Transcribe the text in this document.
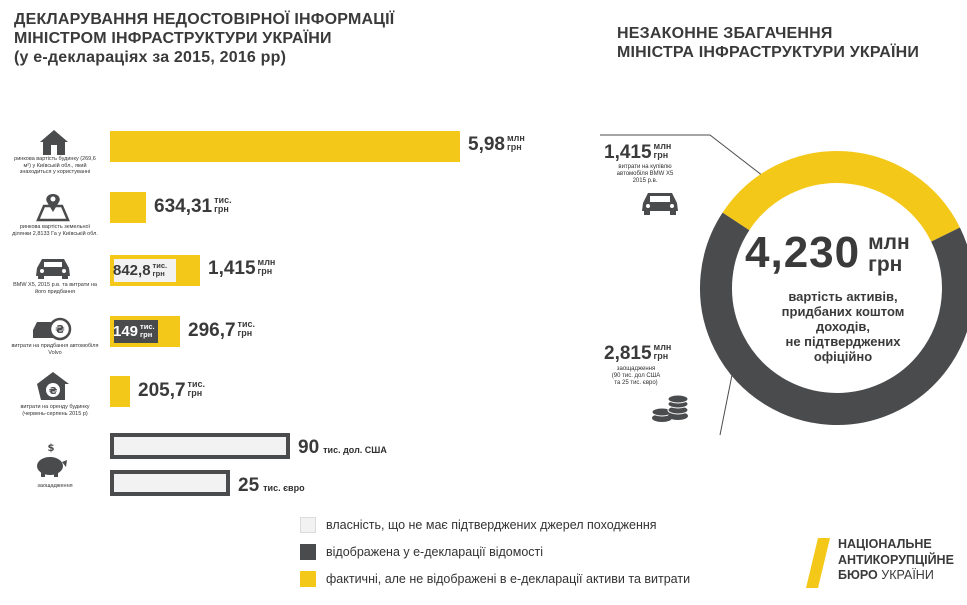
ДЕКЛАРУВАННЯ НЕДОСТОВІРНОЇ ІНФОРМАЦІЇ
МІНІСТРОМ ІНФРАСТРУКТУРИ УКРАЇНИ
(у е-деклараціях за 2015, 2016 рр)
НЕЗАКОННЕ ЗБАГАЧЕННЯ
МІНІСТРА ІНФРАСТРУКТУРИ УКРАЇНИ
ринкова вартість будинку (269,6 м²) у Київській обл., який знаходиться у користуванні
ринкова вартість земельної ділянки 2,8133 Га у Київській обл.
BMW X5, 2015 р.в. та витрати на його придбання
₴
витрати на придбання автомобіля Volvo
₴
витрати на оренду будинку (червень-серпень 2015 р)
$
заощадження
5,98 млн
грн
634,31 тис.
грн
842,8 тис.
грн 1,415 млн
грн
149 тис.
грн 296,7 тис.
грн
205,7 тис.
грн
90 тис. дол. США
25 тис. євро
4,230 млн
грн
вартість активів,
придбаних коштом доходів,
не підтверджених офіційно
1,415 млн
грн
витрати на купівлю
автомобіля BMW X5
2015 р.в.
2,815 млн
грн
заощадження
(90 тис. дол США
та 25 тис. євро)
власність, що не має підтверджених джерел походження
відображена у е-декларації відомості
фактичні, але не відображені в е-декларації активи та витрати
НАЦІОНАЛЬНЕ
АНТИКОРУПЦІЙНЕ
БЮРО УКРАЇНИ
